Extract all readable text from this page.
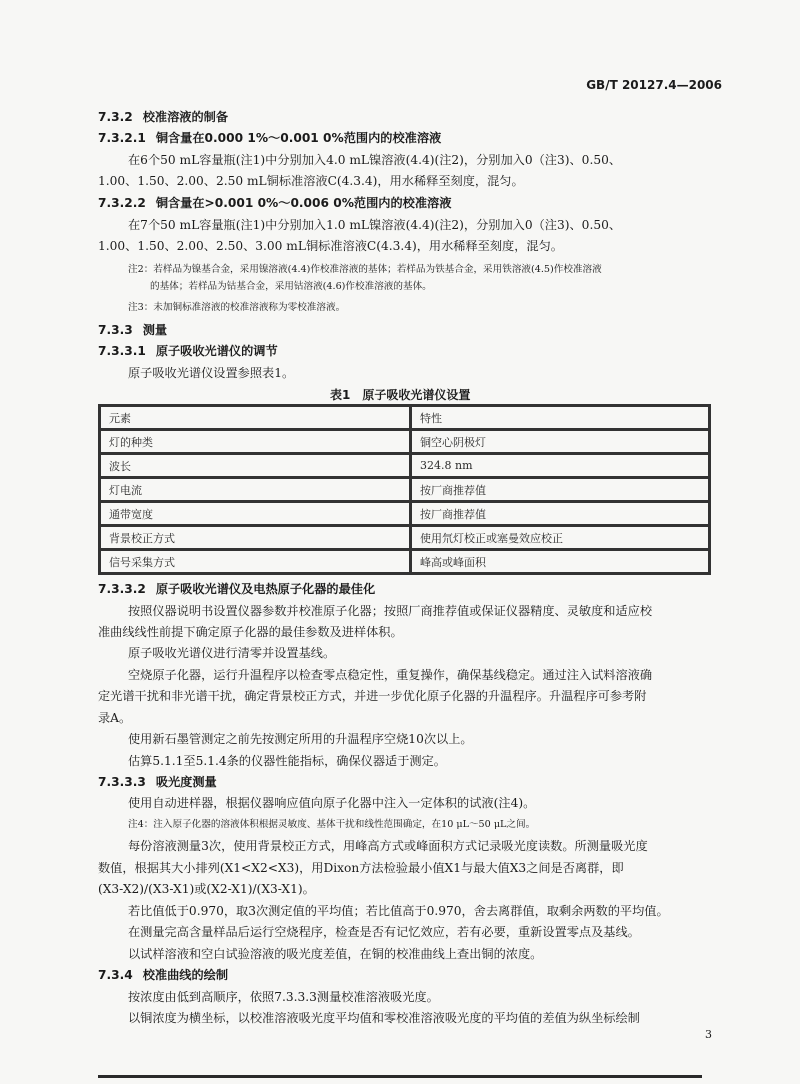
GB/T 20127.4—2006
7.3.2 校准溶液的制备
7.3.2.1 铜含量在0.000 1%～0.001 0%范围内的校准溶液
在6个50 mL容量瓶(注1)中分别加入4.0 mL镍溶液(4.4)(注2)，分别加入0（注3)、0.50、
1.00、1.50、2.00、2.50 mL铜标准溶液C(4.3.4)，用水稀释至刻度，混匀。
7.3.2.2 铜含量在>0.001 0%～0.006 0%范围内的校准溶液
在7个50 mL容量瓶(注1)中分别加入1.0 mL镍溶液(4.4)(注2)，分别加入0（注3)、0.50、
1.00、1.50、2.00、2.50、3.00 mL铜标准溶液C(4.3.4)，用水稀释至刻度，混匀。
注2：若样品为镍基合金，采用镍溶液(4.4)作校准溶液的基体；若样品为铁基合金，采用铁溶液(4.5)作校准溶液
的基体；若样品为钴基合金，采用钴溶液(4.6)作校准溶液的基体。
注3：未加铜标准溶液的校准溶液称为零校准溶液。
7.3.3 测量
7.3.3.1 原子吸收光谱仪的调节
原子吸收光谱仪设置参照表1。
表1　原子吸收光谱仪设置
元素	特性
灯的种类	铜空心阴极灯
波长	324.8 nm
灯电流	按厂商推荐值
通带宽度	按厂商推荐值
背景校正方式	使用氘灯校正或塞曼效应校正
信号采集方式	峰高或峰面积
7.3.3.2 原子吸收光谱仪及电热原子化器的最佳化
按照仪器说明书设置仪器参数并校准原子化器；按照厂商推荐值或保证仪器精度、灵敏度和适应校
准曲线线性前提下确定原子化器的最佳参数及进样体积。
原子吸收光谱仪进行清零并设置基线。
空烧原子化器，运行升温程序以检查零点稳定性，重复操作，确保基线稳定。通过注入试料溶液确
定光谱干扰和非光谱干扰，确定背景校正方式，并进一步优化原子化器的升温程序。升温程序可参考附
录A。
使用新石墨管测定之前先按测定所用的升温程序空烧10次以上。
估算5.1.1至5.1.4条的仪器性能指标，确保仪器适于测定。
7.3.3.3 吸光度测量
使用自动进样器，根据仪器响应值向原子化器中注入一定体积的试液(注4)。
注4：注入原子化器的溶液体积根据灵敏度、基体干扰和线性范围确定，在10 μL～50 μL之间。
每份溶液测量3次，使用背景校正方式，用峰高方式或峰面积方式记录吸光度读数。所测量吸光度
数值，根据其大小排列(X1<X2<X3)，用Dixon方法检验最小值X1与最大值X3之间是否离群，即
(X3-X2)/(X3-X1)或(X2-X1)/(X3-X1)。
若比值低于0.970，取3次测定值的平均值；若比值高于0.970，舍去离群值，取剩余两数的平均值。
在测量完高含量样品后运行空烧程序，检查是否有记忆效应，若有必要，重新设置零点及基线。
以试样溶液和空白试验溶液的吸光度差值，在铜的校准曲线上查出铜的浓度。
7.3.4 校准曲线的绘制
按浓度由低到高顺序，依照7.3.3.3测量校准溶液吸光度。
以铜浓度为横坐标，以校准溶液吸光度平均值和零校准溶液吸光度的平均值的差值为纵坐标绘制
3
